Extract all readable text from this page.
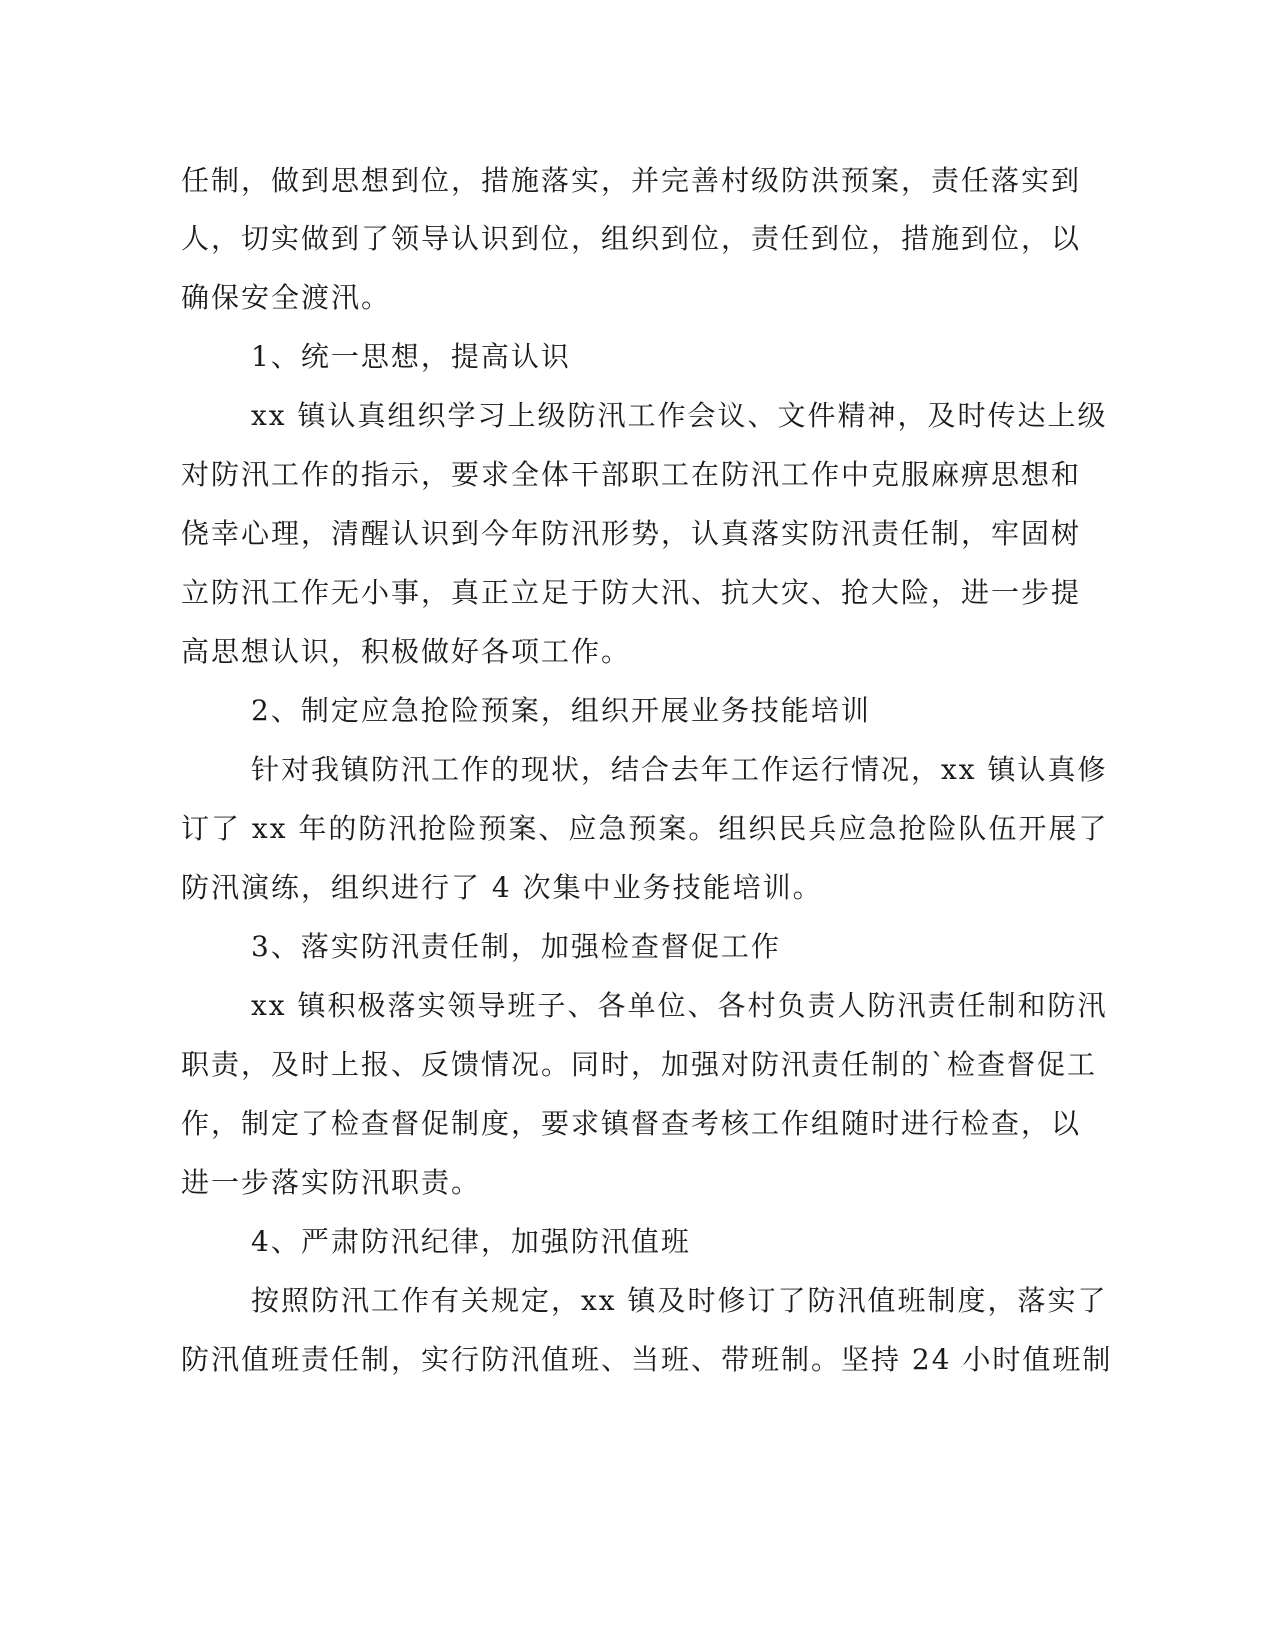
任制，做到思想到位，措施落实，并完善村级防洪预案，责任落实到
人，切实做到了领导认识到位，组织到位，责任到位，措施到位，以
确保安全渡汛。
1、统一思想，提高认识
xx 镇认真组织学习上级防汛工作会议、文件精神，及时传达上级
对防汛工作的指示，要求全体干部职工在防汛工作中克服麻痹思想和
侥幸心理，清醒认识到今年防汛形势，认真落实防汛责任制，牢固树
立防汛工作无小事，真正立足于防大汛、抗大灾、抢大险，进一步提
高思想认识，积极做好各项工作。
2、制定应急抢险预案，组织开展业务技能培训
针对我镇防汛工作的现状，结合去年工作运行情况，xx 镇认真修
订了 xx 年的防汛抢险预案、应急预案。组织民兵应急抢险队伍开展了
防汛演练，组织进行了 4 次集中业务技能培训。
3、落实防汛责任制，加强检查督促工作
xx 镇积极落实领导班子、各单位、各村负责人防汛责任制和防汛
职责，及时上报、反馈情况。同时，加强对防汛责任制的`检查督促工
作，制定了检查督促制度，要求镇督查考核工作组随时进行检查，以
进一步落实防汛职责。
4、严肃防汛纪律，加强防汛值班
按照防汛工作有关规定，xx 镇及时修订了防汛值班制度，落实了
防汛值班责任制，实行防汛值班、当班、带班制。坚持 24 小时值班制
